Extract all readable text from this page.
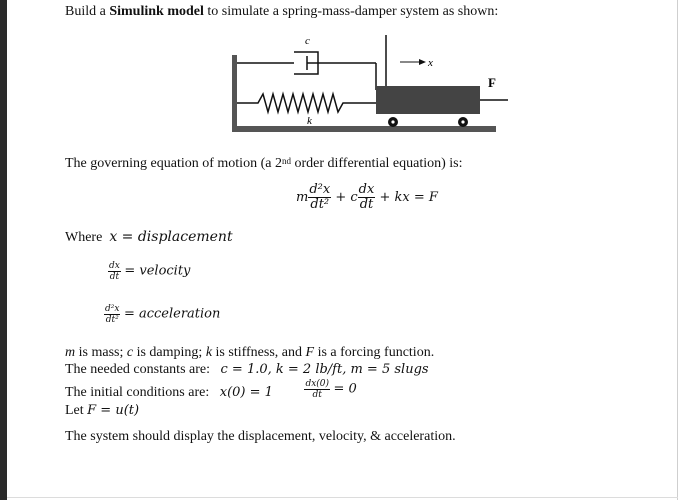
Build a Simulink model to simulate a spring-mass-damper system as shown:
c
k
x
F
The governing equation of motion (a 2nd order differential equation) is:
m $\frac{\text{d²x}}{\text{dt²}} + c \frac{dx}{dt}$ + kx = F
Where x = displacement
$\frac{dx}{dt}$ = velocity
$\frac{\text{d²x}}{\text{dt²}}$ = acceleration
m is mass; c is damping; k is stiffness, and F is a forcing function.
The needed constants are: c = 1.0, k = 2 lb/ft, m = 5 slugs
The initial conditions are: x(0) = 1	$\frac{dx(0)}{dt} = 0$
Let F = u(t)
The system should display the displacement, velocity, & acceleration.
